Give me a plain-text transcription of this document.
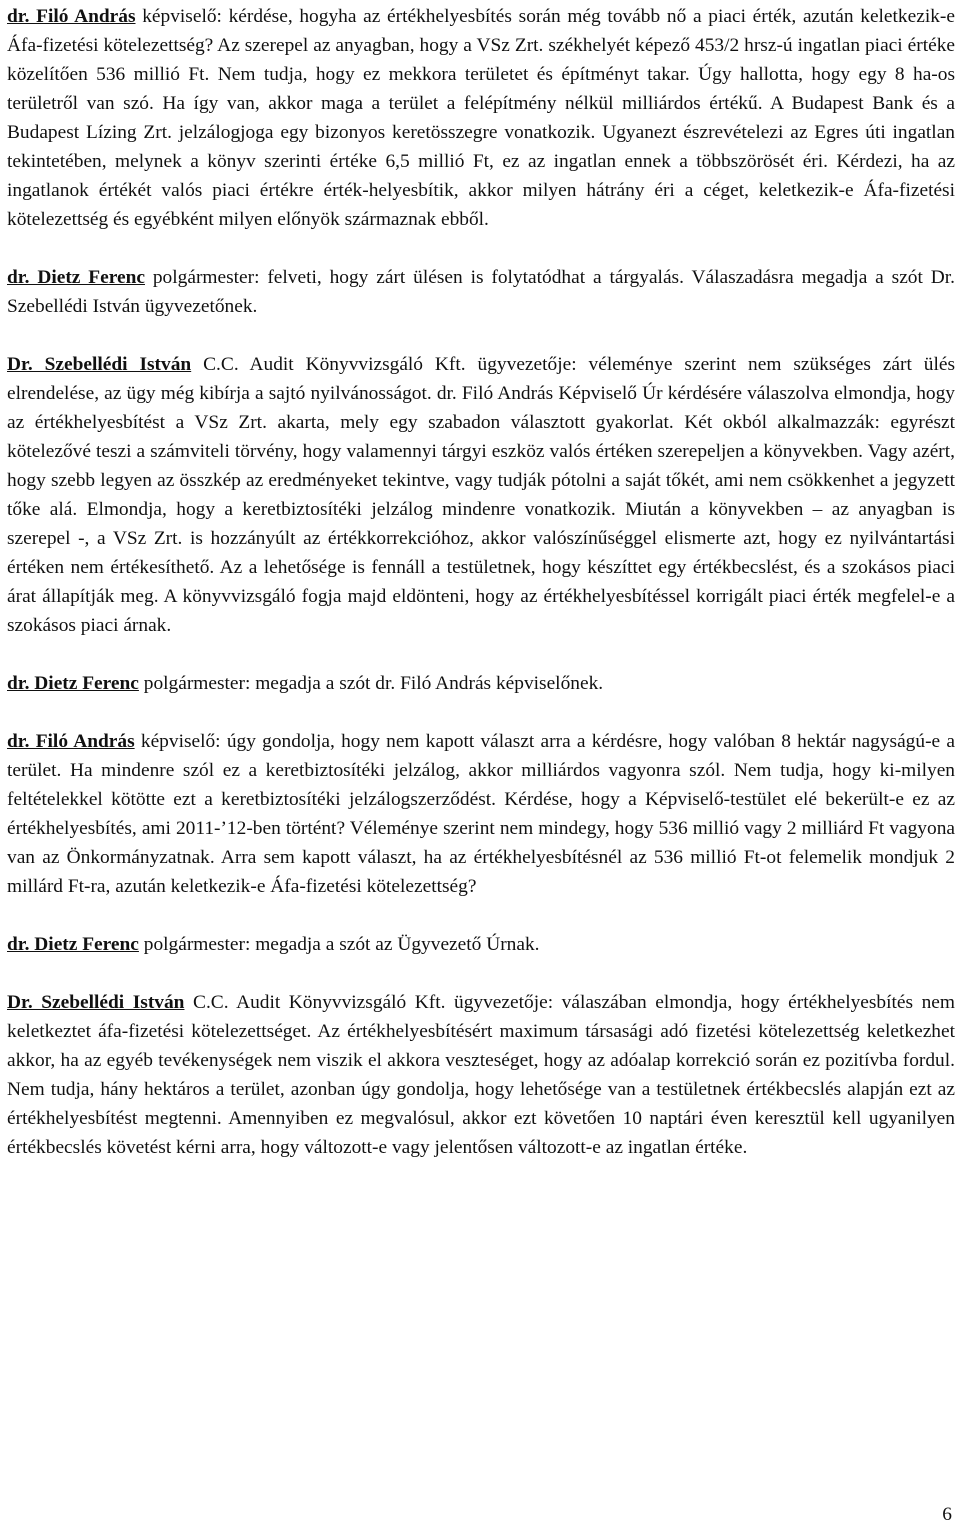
dr. Filó András képviselő: kérdése, hogyha az értékhelyesbítés során még tovább nő a piaci érték, azután keletkezik-e Áfa-fizetési kötelezettség? Az szerepel az anyagban, hogy a VSz Zrt. székhelyét képező 453/2 hrsz-ú ingatlan piaci értéke közelítően 536 millió Ft. Nem tudja, hogy ez mekkora területet és építményt takar. Úgy hallotta, hogy egy 8 ha-os területről van szó. Ha így van, akkor maga a terület a felépítmény nélkül milliárdos értékű. A Budapest Bank és a Budapest Lízing Zrt. jelzálogjoga egy bizonyos keretösszegre vonatkozik. Ugyanezt észrevételezi az Egres úti ingatlan tekintetében, melynek a könyv szerinti értéke 6,5 millió Ft, ez az ingatlan ennek a többszörösét éri. Kérdezi, ha az ingatlanok értékét valós piaci értékre érték-helyesbítik, akkor milyen hátrány éri a céget, keletkezik-e Áfa-fizetési kötelezettség és egyébként milyen előnyök származnak ebből.

dr. Dietz Ferenc polgármester: felveti, hogy zárt ülésen is folytatódhat a tárgyalás. Válaszadásra megadja a szót Dr. Szebellédi István ügyvezetőnek.

Dr. Szebellédi István C.C. Audit Könyvvizsgáló Kft. ügyvezetője: véleménye szerint nem szükséges zárt ülés elrendelése, az ügy még kibírja a sajtó nyilvánosságot. dr. Filó András Képviselő Úr kérdésére válaszolva elmondja, hogy az értékhelyesbítést a VSz Zrt. akarta, mely egy szabadon választott gyakorlat. Két okból alkalmazzák: egyrészt kötelezővé teszi a számviteli törvény, hogy valamennyi tárgyi eszköz valós értéken szerepeljen a könyvekben. Vagy azért, hogy szebb legyen az összkép az eredményeket tekintve, vagy tudják pótolni a saját tőkét, ami nem csökkenhet a jegyzett tőke alá. Elmondja, hogy a keretbiztosítéki jelzálog mindenre vonatkozik. Miután a könyvekben – az anyagban is szerepel -, a VSz Zrt. is hozzányúlt az értékkorrekcióhoz, akkor valószínűséggel elismerte azt, hogy ez nyilvántartási értéken nem értékesíthető. Az a lehetősége is fennáll a testületnek, hogy készíttet egy értékbecslést, és a szokásos piaci árat állapítják meg. A könyvvizsgáló fogja majd eldönteni, hogy az értékhelyesbítéssel korrigált piaci érték megfelel-e a szokásos piaci árnak.

dr. Dietz Ferenc polgármester: megadja a szót dr. Filó András képviselőnek.

dr. Filó András képviselő: úgy gondolja, hogy nem kapott választ arra a kérdésre, hogy valóban 8 hektár nagyságú-e a terület. Ha mindenre szól ez a keretbiztosítéki jelzálog, akkor milliárdos vagyonra szól. Nem tudja, hogy ki-milyen feltételekkel kötötte ezt a keretbiztosítéki jelzálogszerződést. Kérdése, hogy a Képviselő-testület elé bekerült-e ez az értékhelyesbítés, ami 2011-’12-ben történt? Véleménye szerint nem mindegy, hogy 536 millió vagy 2 milliárd Ft vagyona van az Önkormányzatnak. Arra sem kapott választ, ha az értékhelyesbítésnél az 536 millió Ft-ot felemelik mondjuk 2 millárd Ft-ra, azután keletkezik-e Áfa-fizetési kötelezettség?

dr. Dietz Ferenc polgármester: megadja a szót az Ügyvezető Úrnak.

Dr. Szebellédi István C.C. Audit Könyvvizsgáló Kft. ügyvezetője: válaszában elmondja, hogy értékhelyesbítés nem keletkeztet áfa-fizetési kötelezettséget. Az értékhelyesbítésért maximum társasági adó fizetési kötelezettség keletkezhet akkor, ha az egyéb tevékenységek nem viszik el akkora veszteséget, hogy az adóalap korrekció során ez pozitívba fordul. Nem tudja, hány hektáros a terület, azonban úgy gondolja, hogy lehetősége van a testületnek értékbecslés alapján ezt az értékhelyesbítést megtenni. Amennyiben ez megvalósul, akkor ezt követően 10 naptári éven keresztül kell ugyanilyen értékbecslés követést kérni arra, hogy változott-e vagy jelentősen változott-e az ingatlan értéke.

6
